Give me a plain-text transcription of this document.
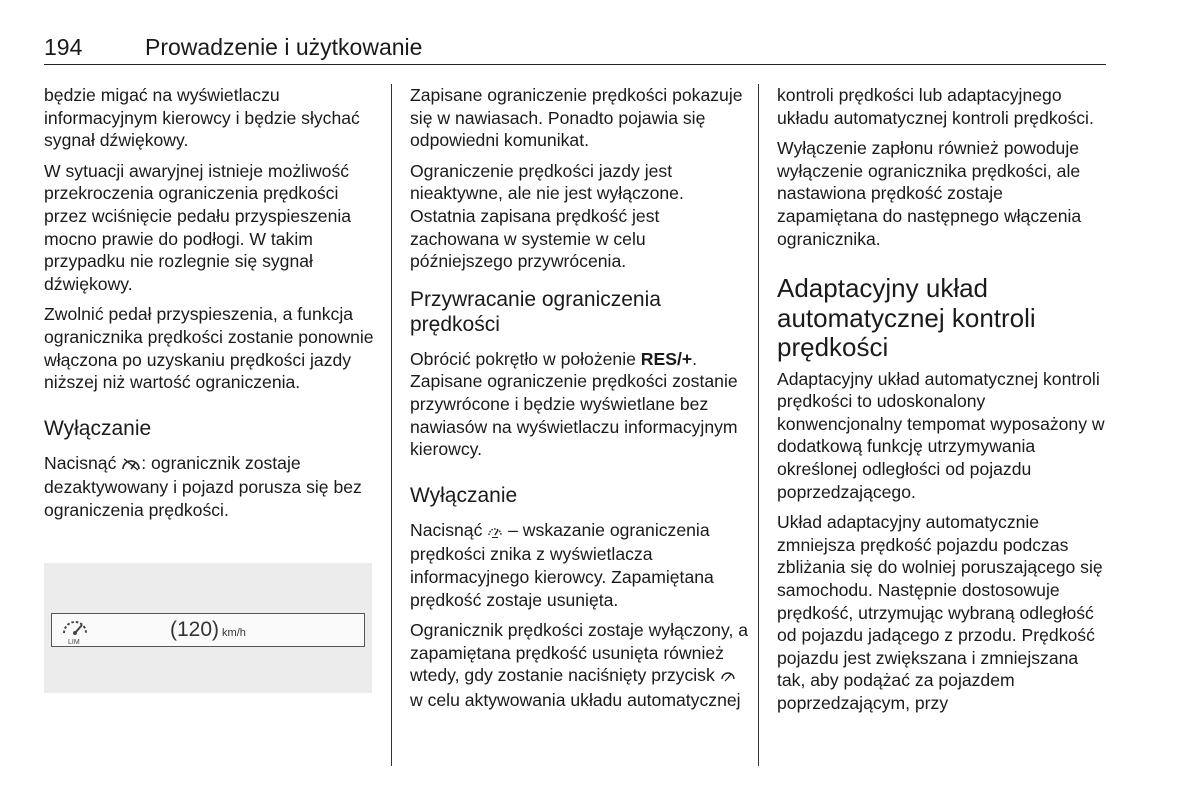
194	Prowadzenie i użytkowanie

będzie migać na wyświetlaczu informacyjnym kierowcy i będzie słychać sygnał dźwiękowy.

W sytuacji awaryjnej istnieje możliwość przekroczenia ograniczenia prędkości przez wciśnięcie pedału przyspieszenia mocno prawie do podłogi. W takim przypadku nie rozlegnie się sygnał dźwiękowy.

Zwolnić pedał przyspieszenia, a funkcja ogranicznika prędkości zostanie ponownie włączona po uzyskaniu prędkości jazdy niższej niż wartość ograniczenia.

Wyłączanie

Nacisnąć : ogranicznik zostaje dezaktywowany i pojazd porusza się bez ograniczenia prędkości.

LIM
(120) km/h

Zapisane ograniczenie prędkości pokazuje się w nawiasach. Ponadto pojawia się odpowiedni komunikat.

Ograniczenie prędkości jazdy jest nieaktywne, ale nie jest wyłączone. Ostatnia zapisana prędkość jest zachowana w systemie w celu późniejszego przywrócenia.

Przywracanie ograniczenia prędkości

Obrócić pokrętło w położenie RES/+. Zapisane ograniczenie prędkości zostanie przywrócone i będzie wyświetlane bez nawiasów na wyświetlaczu informacyjnym kierowcy.

Wyłączanie

Nacisnąć  – wskazanie ograniczenia prędkości znika z wyświetlacza informacyjnego kierowcy. Zapamiętana prędkość zostaje usunięta.

Ogranicznik prędkości zostaje wyłączony, a zapamiętana prędkość usunięta również wtedy, gdy zostanie naciśnięty przycisk  w celu aktywowania układu automatycznej

kontroli prędkości lub adaptacyjnego układu automatycznej kontroli prędkości.

Wyłączenie zapłonu również powoduje wyłączenie ogranicznika prędkości, ale nastawiona prędkość zostaje zapamiętana do następnego włączenia ogranicznika.

Adaptacyjny układ automatycznej kontroli prędkości

Adaptacyjny układ automatycznej kontroli prędkości to udoskonalony konwencjonalny tempomat wyposażony w dodatkową funkcję utrzymywania określonej odległości od pojazdu poprzedzającego.

Układ adaptacyjny automatycznie zmniejsza prędkość pojazdu podczas zbliżania się do wolniej poruszającego się samochodu. Następnie dostosowuje prędkość, utrzymując wybraną odległość od pojazdu jadącego z przodu. Prędkość pojazdu jest zwiększana i zmniejszana tak, aby podążać za pojazdem poprzedzającym, przy
